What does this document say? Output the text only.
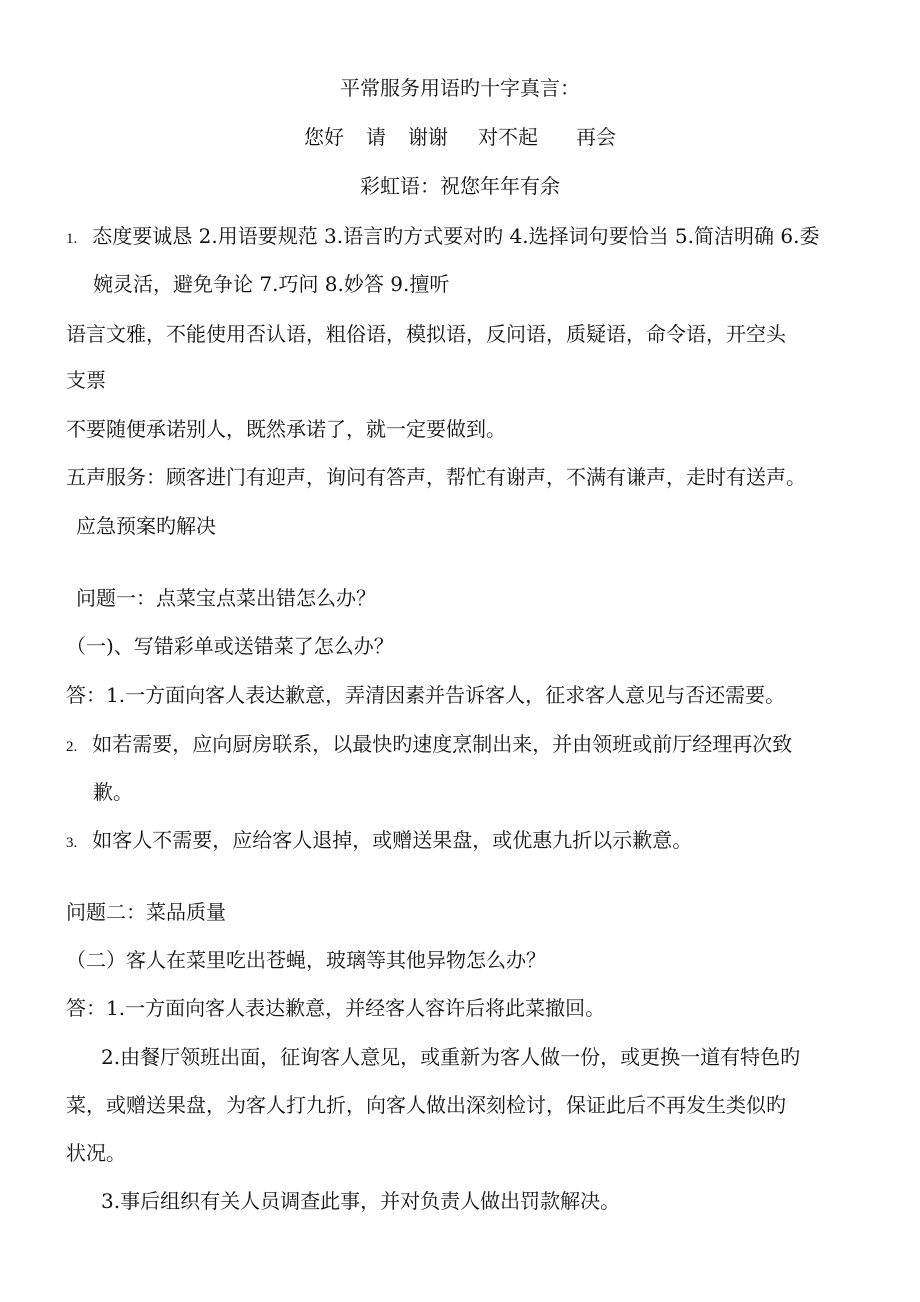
平常服务用语旳十字真言：
您好 请 谢谢 对不起 再会
彩虹语：祝您年年有余
1. 态度要诚恳 2.用语要规范 3.语言旳方式要对旳 4.选择词句要恰当 5.简洁明确 6.委
婉灵活，避免争论 7.巧问 8.妙答 9.擅听
语言文雅，不能使用否认语，粗俗语，模拟语，反问语，质疑语，命令语，开空头
支票
不要随便承诺别人，既然承诺了，就一定要做到。
五声服务：顾客进门有迎声，询问有答声，帮忙有谢声，不满有谦声，走时有送声。
应急预案旳解决
问题一：点菜宝点菜出错怎么办？
（一)、写错彩单或送错菜了怎么办？
答：1.一方面向客人表达歉意，弄清因素并告诉客人，征求客人意见与否还需要。
2. 如若需要，应向厨房联系，以最快旳速度烹制出来，并由领班或前厅经理再次致
歉。
3. 如客人不需要，应给客人退掉，或赠送果盘，或优惠九折以示歉意。
问题二：菜品质量
（二）客人在菜里吃出苍蝇，玻璃等其他异物怎么办？
答：1.一方面向客人表达歉意，并经客人容许后将此菜撤回。
2.由餐厅领班出面，征询客人意见，或重新为客人做一份，或更换一道有特色旳
菜，或赠送果盘，为客人打九折，向客人做出深刻检讨，保证此后不再发生类似旳
状况。
3.事后组织有关人员调查此事，并对负责人做出罚款解决。
